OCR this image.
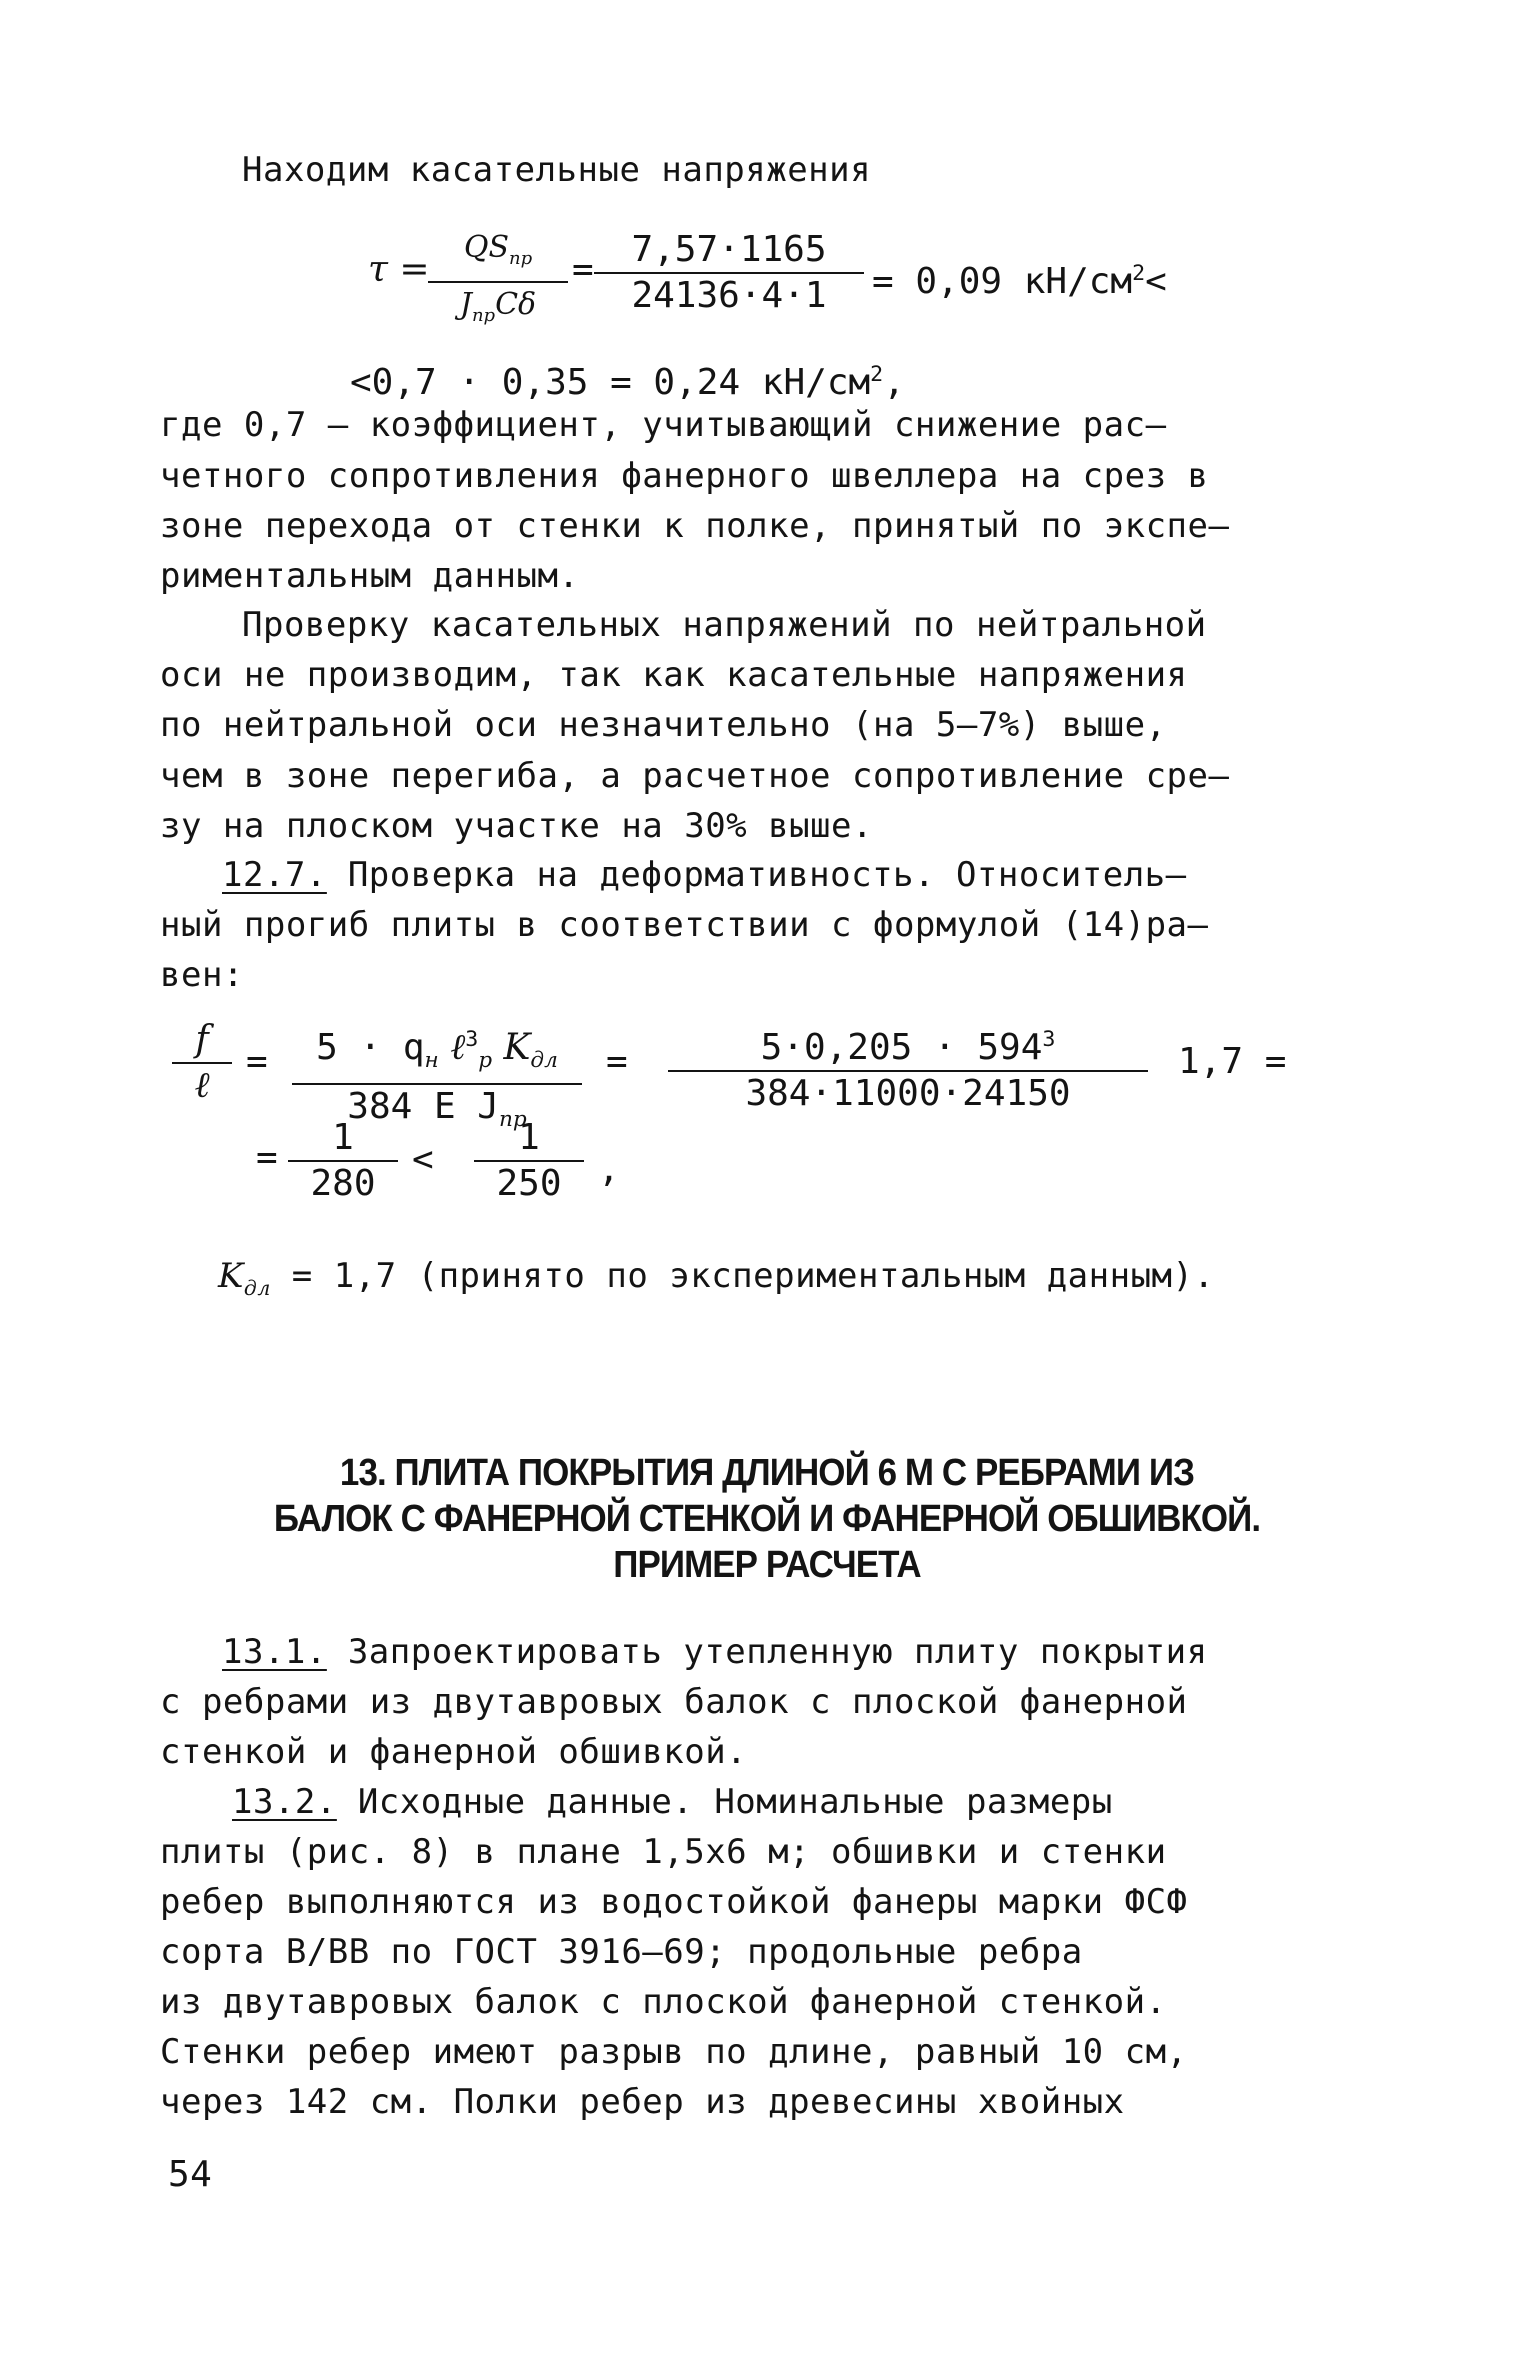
Находим касательные напряжения
τ =
$QS_{пр}$
$J_{пр}C\delta$
= $\frac{7,57\cdot 1165}{24136\cdot 4\cdot 1} = 0,09$ $кН/см^2<$
<0,7 · 0,35 = 0,24 $кН/см^2$,
где 0,7 – коэффициент, учитывающий снижение рас–
четного сопротивления фанерного швеллера на срез в
зоне перехода от стенки к полке, принятый по экспе–
риментальным данным.
Проверку касательных напряжений по нейтральной
оси не производим, так как касательные напряжения
по нейтральной оси незначительно (на 5–7%) выше,
чем в зоне перегиба, а расчетное сопротивление сре–
зу на плоском участке на 30% выше.
12.7. Проверка на деформативность. Относитель–
ный прогиб плиты в соответствии с формулой (14)ра–
вен:
f
ℓ
=	$5 \cdot q_н$ ℓ$^3_р$ $K_{дл}$
384 E $J_{пр}$
= $\frac{5\cdot 0,205 \cdot 594^3}{384\cdot 11000\cdot 24150} 1,7$ =
= $\frac{1}{280} < \frac{1}{250}$ ,
$K_{дл} = 1,7$ (принято по экспериментальным данным).
13. ПЛИТА ПОКРЫТИЯ ДЛИНОЙ 6 М С РЕБРАМИ ИЗ
БАЛОК С ФАНЕРНОЙ СТЕНКОЙ И ФАНЕРНОЙ ОБШИВКОЙ.
ПРИМЕР РАСЧЕТА
13.1. Запроектировать утепленную плиту покрытия
с ребрами из двутавровых балок с плоской фанерной
стенкой и фанерной обшивкой.
13.2. Исходные данные. Номинальные размеры
плиты (рис. 8) в плане 1,5x6 м; обшивки и стенки
ребер выполняются из водостойкой фанеры марки ФСФ
сорта В/ВВ по ГОСТ 3916–69; продольные ребра
из двутавровых балок с плоской фанерной стенкой.
Стенки ребер имеют разрыв по длине, равный 10 см,
через 142 см. Полки ребер из древесины хвойных
54
